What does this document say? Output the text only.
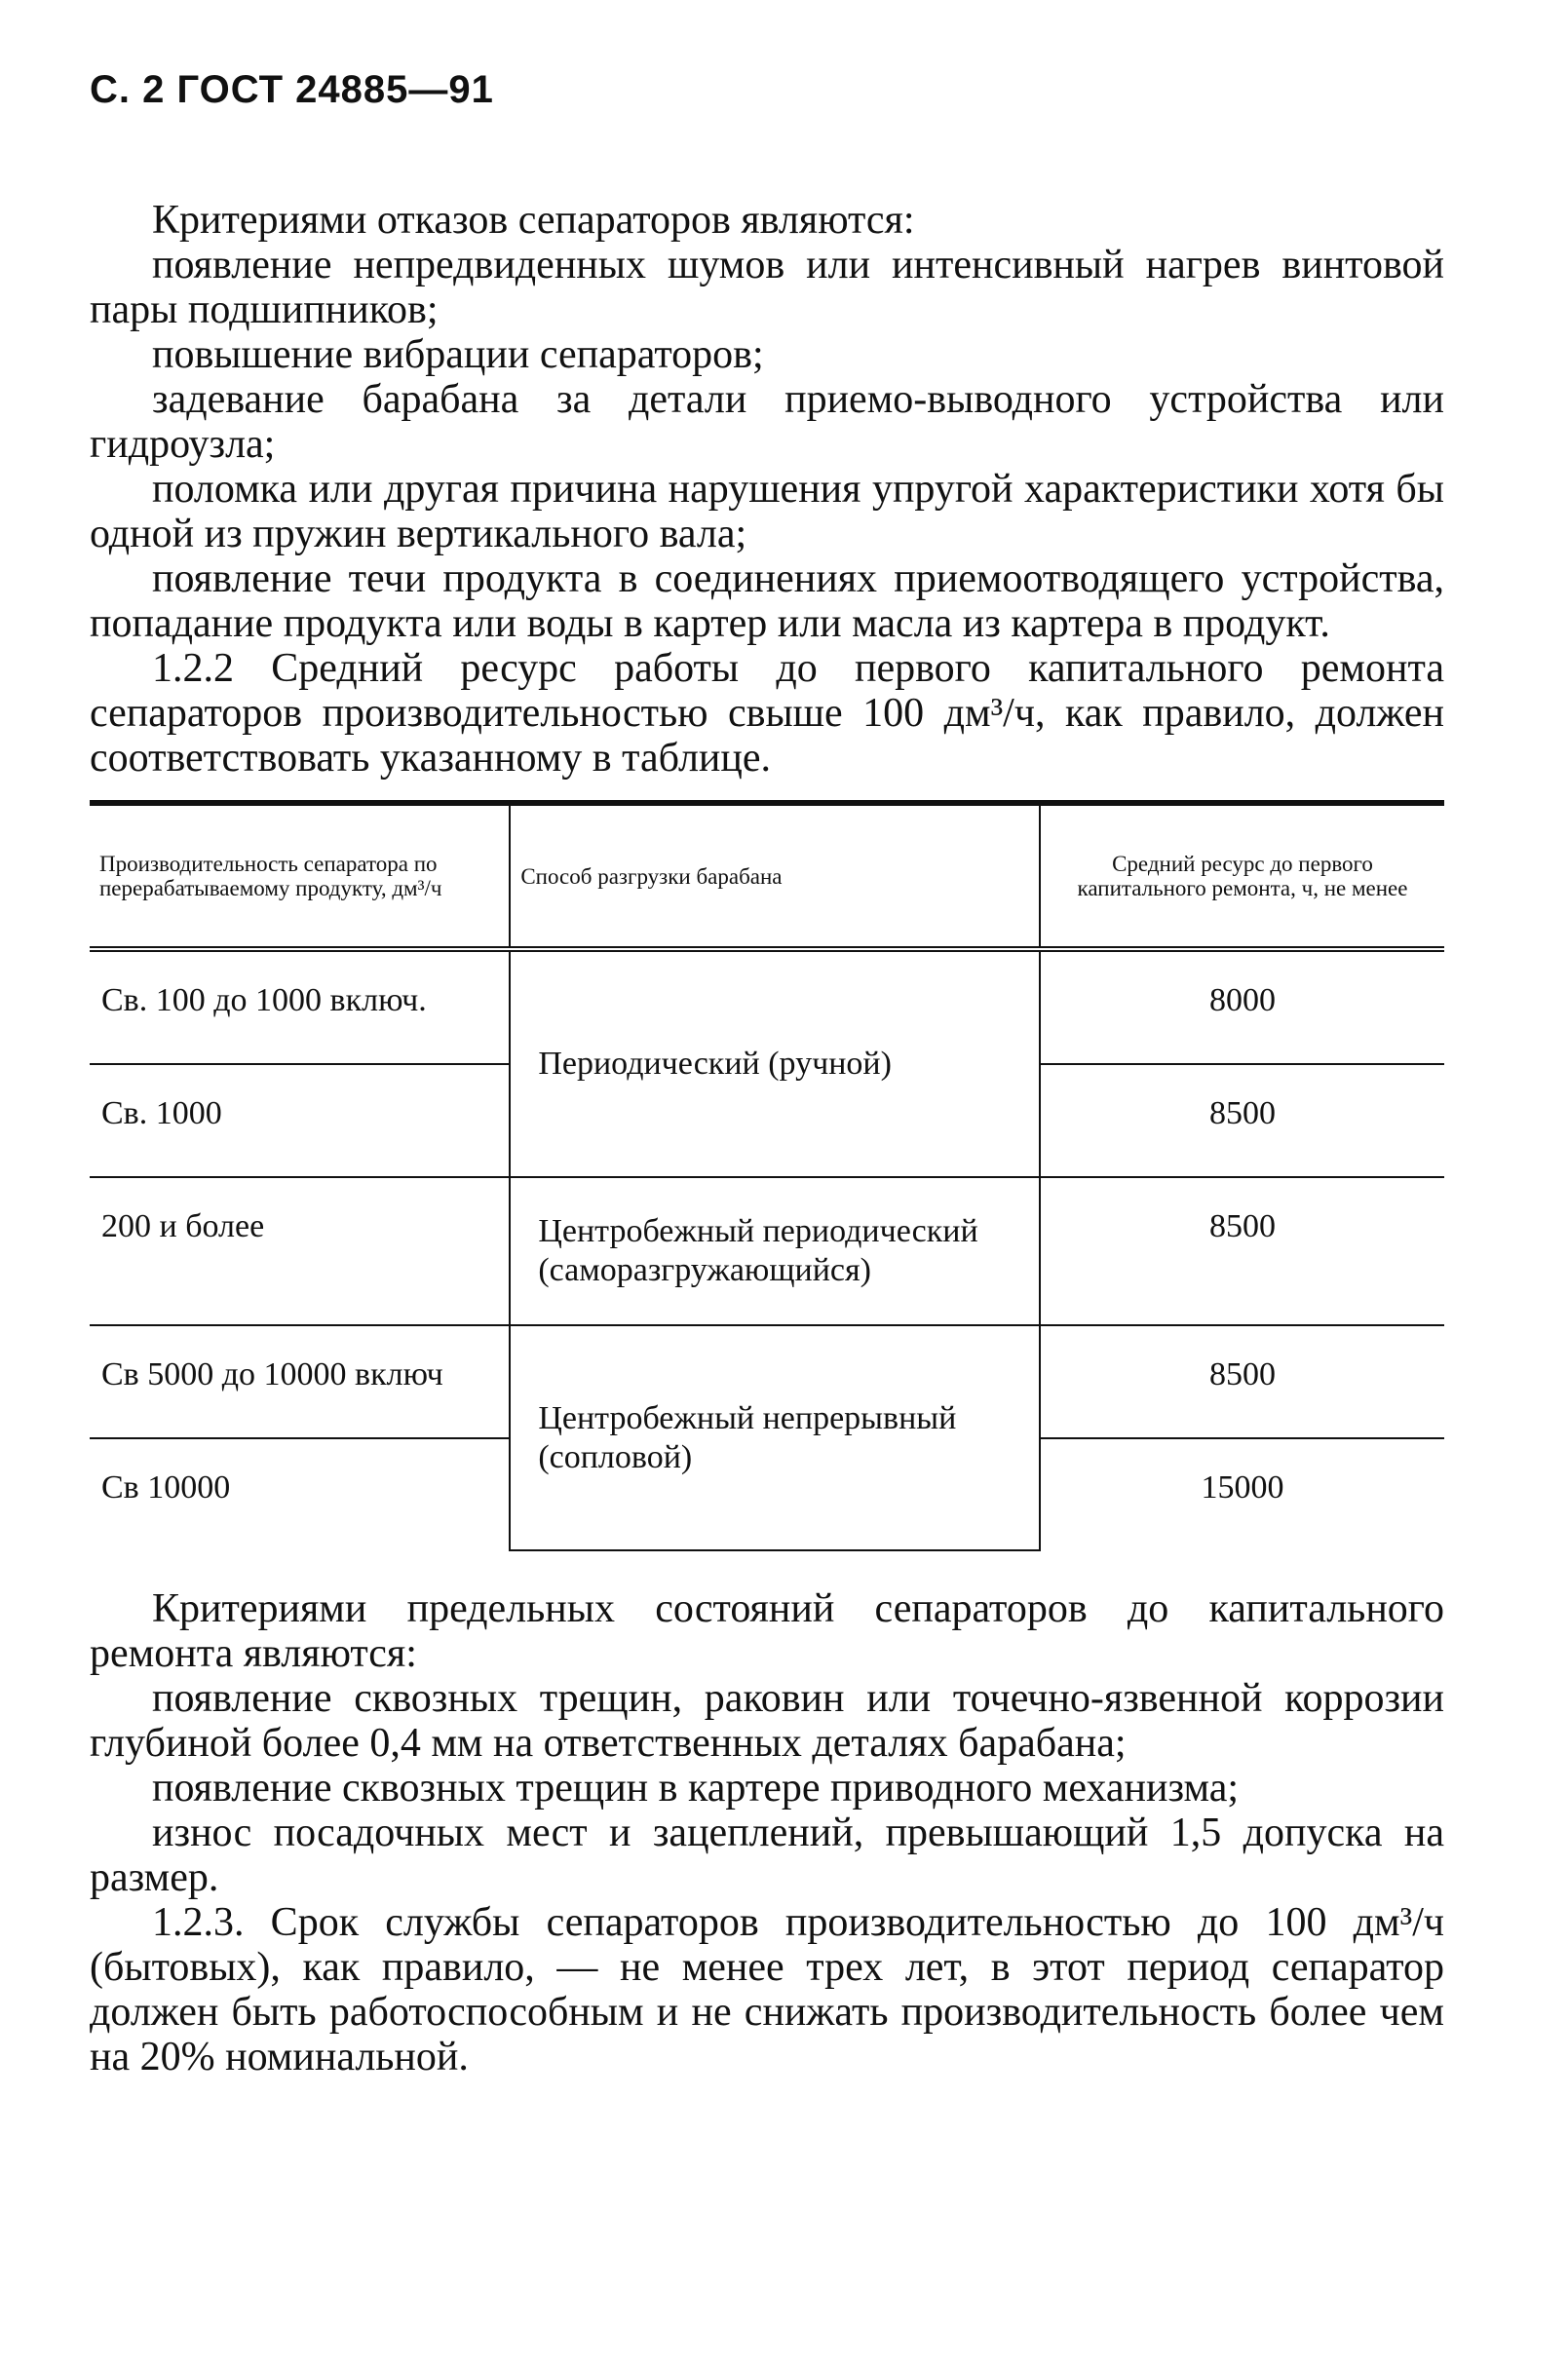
С. 2 ГОСТ 24885—91

Критериями отказов сепараторов являются:

появление непредвиденных шумов или интенсивный нагрев винтовой пары подшипников;

повышение вибрации сепараторов;

задевание барабана за детали приемо-выводного устройства или гидроузла;

поломка или другая причина нарушения упругой характеристики хотя бы одной из пружин вертикального вала;

появление течи продукта в соединениях приемоотводящего устройства, попадание продукта или воды в картер или масла из картера в продукт.

1.2.2 Средний ресурс работы до первого капитального ремонта сепараторов производительностью свыше 100 дм³/ч, как правило, должен соответствовать указанному в таблице.

Производительность сепаратора по перерабатываемому продукту, дм³/ч	Способ разгрузки барабана	Средний ресурс до первого капитального ремонта, ч, не менее
Св. 100 до 1000 включ.	Периодический (ручной)	8000
Св. 1000		8500
200 и более	Центробежный периодический (саморазгружающийся)	8500
Св 5000 до 10000 включ	Центробежный непрерывный (сопловой)	8500
Св 10000		15000

Критериями предельных состояний сепараторов до капитального ремонта являются:

появление сквозных трещин, раковин или точечно-язвенной коррозии глубиной более 0,4 мм на ответственных деталях барабана;

появление сквозных трещин в картере приводного механизма;

износ посадочных мест и зацеплений, превышающий 1,5 допуска на размер.

1.2.3. Срок службы сепараторов производительностью до 100 дм³/ч (бытовых), как правило, — не менее трех лет, в этот период сепаратор должен быть работоспособным и не снижать производительность более чем на 20% номинальной.
